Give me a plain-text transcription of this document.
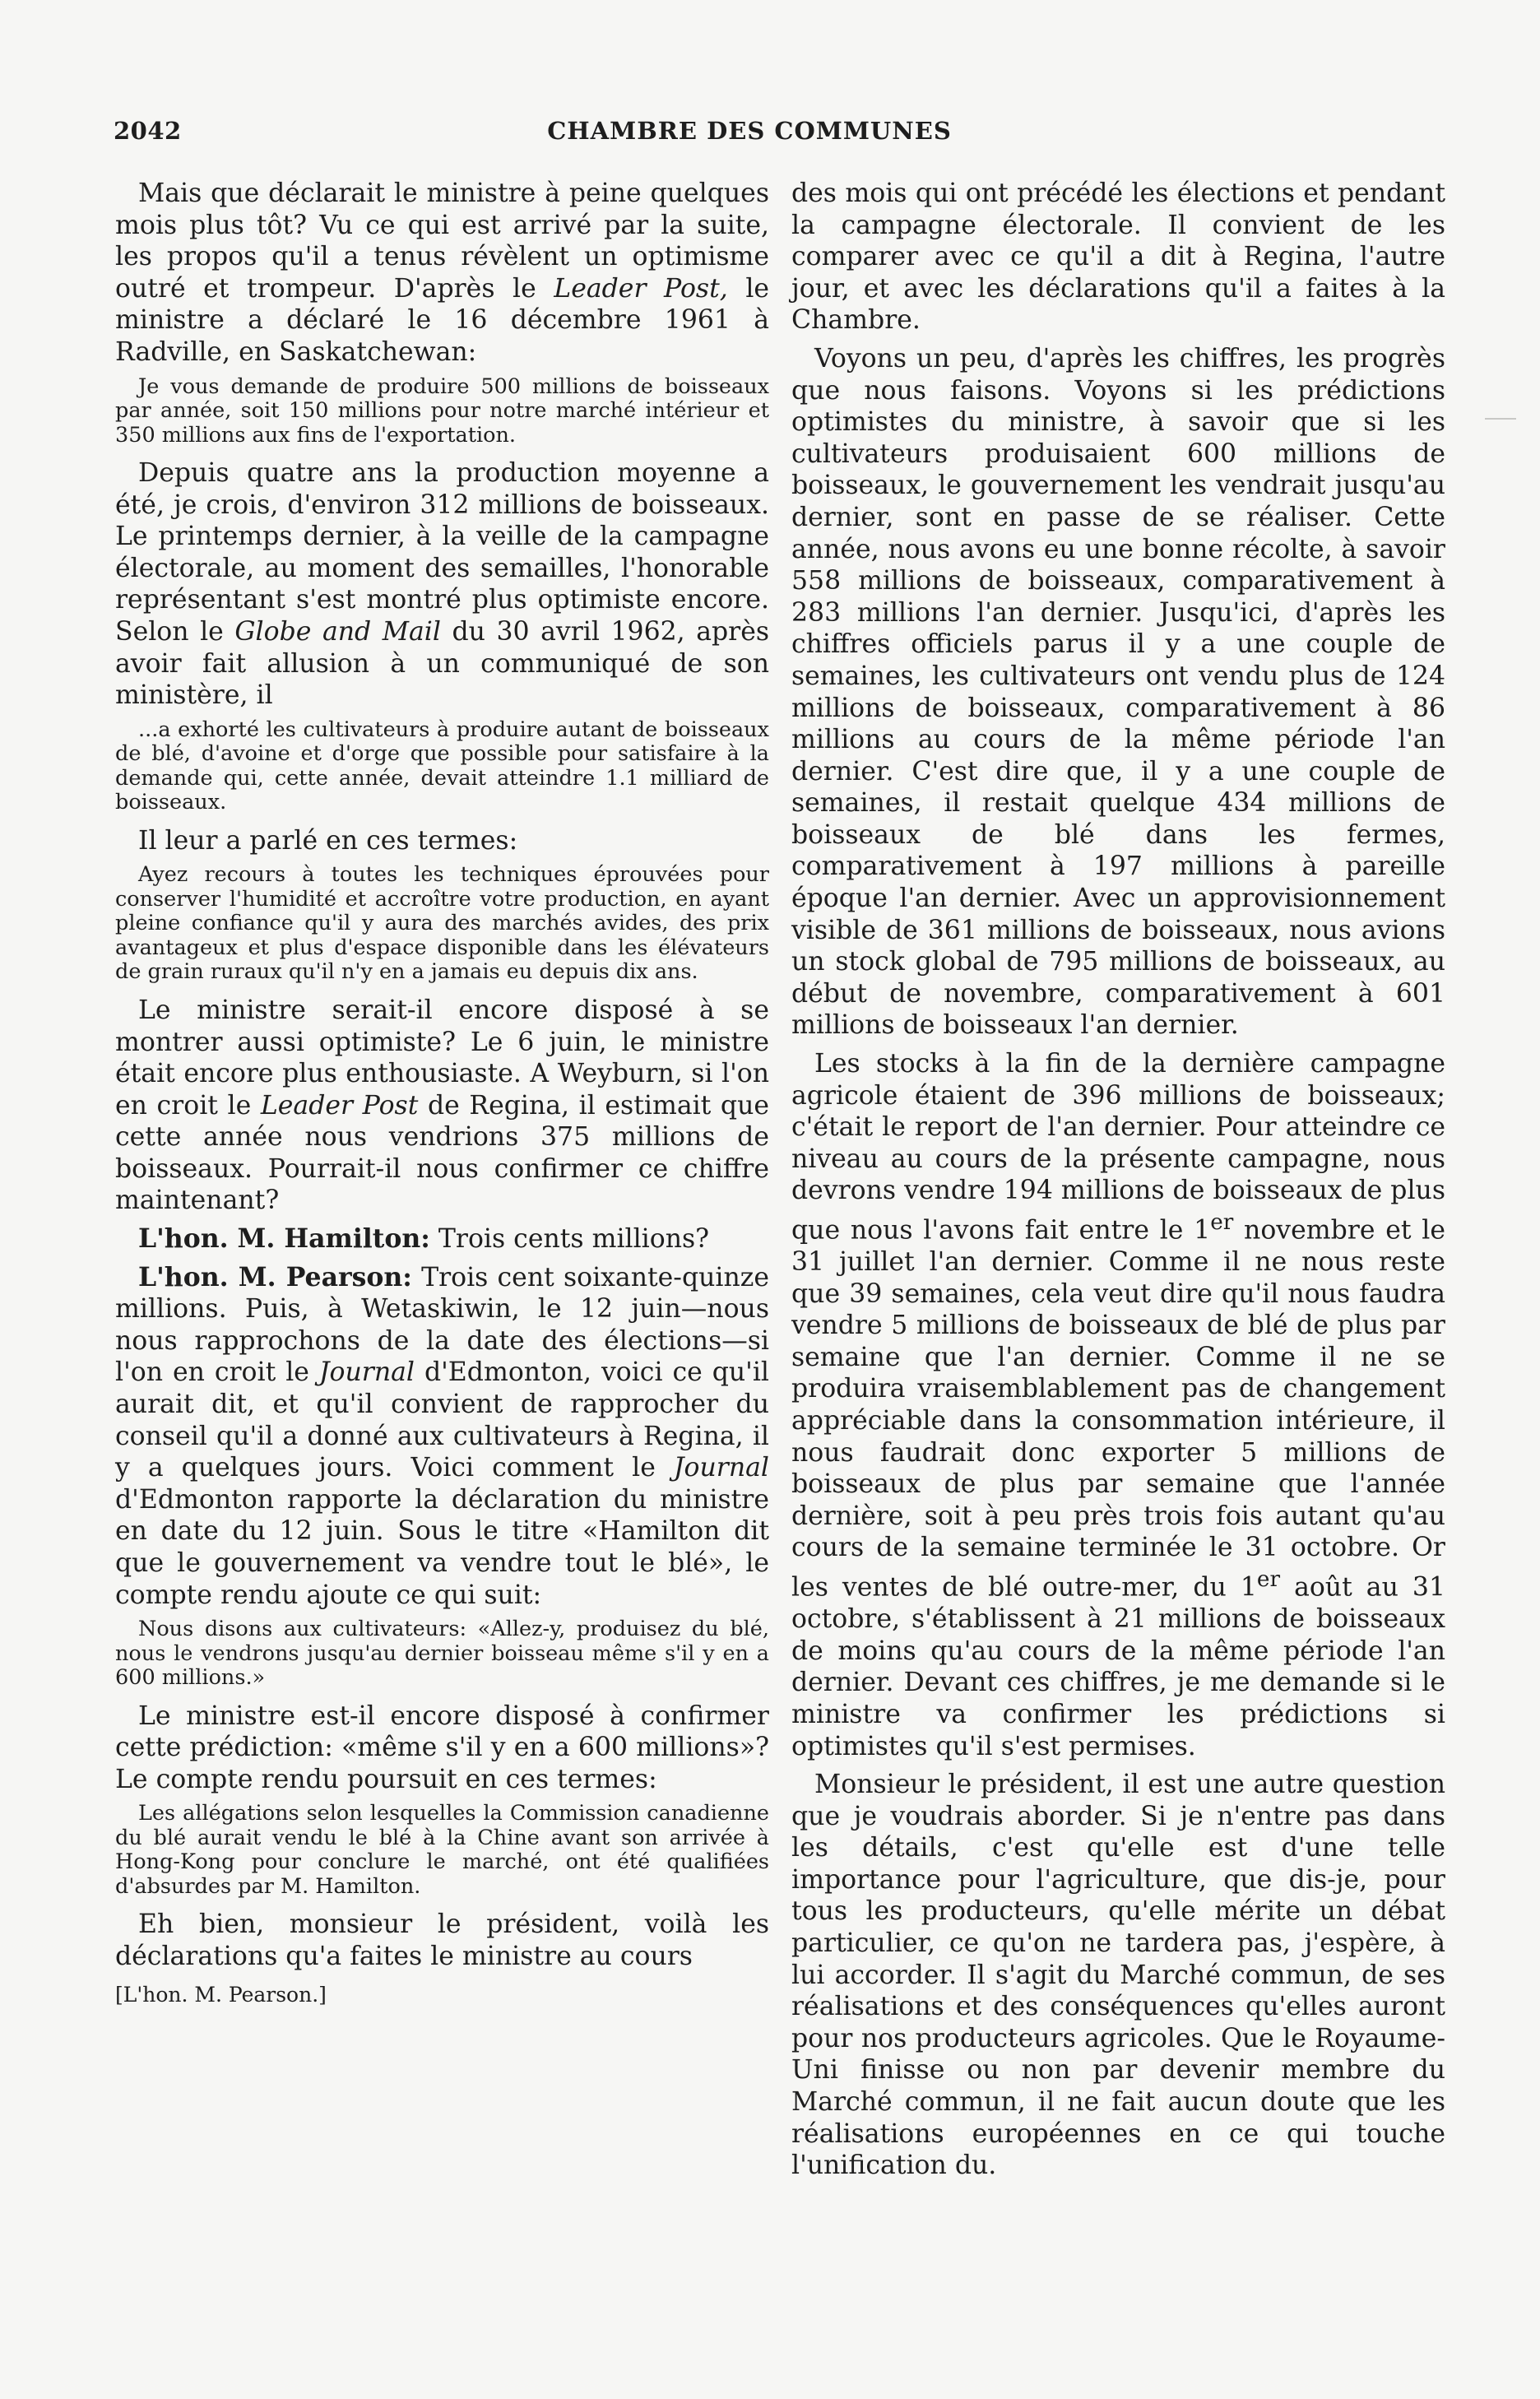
2042	CHAMBRE DES COMMUNES

Mais que déclarait le ministre à peine quelques mois plus tôt? Vu ce qui est arrivé par la suite, les propos qu'il a tenus révèlent un optimisme outré et trompeur. D'après le Leader Post, le ministre a déclaré le 16 décembre 1961 à Radville, en Saskatchewan:

Je vous demande de produire 500 millions de boisseaux par année, soit 150 millions pour notre marché intérieur et 350 millions aux fins de l'exportation.

Depuis quatre ans la production moyenne a été, je crois, d'environ 312 millions de boisseaux. Le printemps dernier, à la veille de la campagne électorale, au moment des semailles, l'honorable représentant s'est montré plus optimiste encore. Selon le Globe and Mail du 30 avril 1962, après avoir fait allusion à un communiqué de son ministère, il

...a exhorté les cultivateurs à produire autant de boisseaux de blé, d'avoine et d'orge que possible pour satisfaire à la demande qui, cette année, devait atteindre 1.1 milliard de boisseaux.

Il leur a parlé en ces termes:

Ayez recours à toutes les techniques éprouvées pour conserver l'humidité et accroître votre production, en ayant pleine confiance qu'il y aura des marchés avides, des prix avantageux et plus d'espace disponible dans les élévateurs de grain ruraux qu'il n'y en a jamais eu depuis dix ans.

Le ministre serait-il encore disposé à se montrer aussi optimiste? Le 6 juin, le ministre était encore plus enthousiaste. A Weyburn, si l'on en croit le Leader Post de Regina, il estimait que cette année nous vendrions 375 millions de boisseaux. Pourrait-il nous confirmer ce chiffre maintenant?

L'hon. M. Hamilton: Trois cents millions?

L'hon. M. Pearson: Trois cent soixante-quinze millions. Puis, à Wetaskiwin, le 12 juin—nous nous rapprochons de la date des élections—si l'on en croit le Journal d'Edmonton, voici ce qu'il aurait dit, et qu'il convient de rapprocher du conseil qu'il a donné aux cultivateurs à Regina, il y a quelques jours. Voici comment le Journal d'Edmonton rapporte la déclaration du ministre en date du 12 juin. Sous le titre «Hamilton dit que le gouvernement va vendre tout le blé», le compte rendu ajoute ce qui suit:

Nous disons aux cultivateurs: «Allez-y, produisez du blé, nous le vendrons jusqu'au dernier boisseau même s'il y en a 600 millions.»

Le ministre est-il encore disposé à confirmer cette prédiction: «même s'il y en a 600 millions»? Le compte rendu poursuit en ces termes:

Les allégations selon lesquelles la Commission canadienne du blé aurait vendu le blé à la Chine avant son arrivée à Hong-Kong pour conclure le marché, ont été qualifiées d'absurdes par M. Hamilton.

Eh bien, monsieur le président, voilà les déclarations qu'a faites le ministre au cours

[L'hon. M. Pearson.]

des mois qui ont précédé les élections et pendant la campagne électorale. Il convient de les comparer avec ce qu'il a dit à Regina, l'autre jour, et avec les déclarations qu'il a faites à la Chambre.

Voyons un peu, d'après les chiffres, les progrès que nous faisons. Voyons si les prédictions optimistes du ministre, à savoir que si les cultivateurs produisaient 600 millions de boisseaux, le gouvernement les vendrait jusqu'au dernier, sont en passe de se réaliser. Cette année, nous avons eu une bonne récolte, à savoir 558 millions de boisseaux, comparativement à 283 millions l'an dernier. Jusqu'ici, d'après les chiffres officiels parus il y a une couple de semaines, les cultivateurs ont vendu plus de 124 millions de boisseaux, comparativement à 86 millions au cours de la même période l'an dernier. C'est dire que, il y a une couple de semaines, il restait quelque 434 millions de boisseaux de blé dans les fermes, comparativement à 197 millions à pareille époque l'an dernier. Avec un approvisionnement visible de 361 millions de boisseaux, nous avions un stock global de 795 millions de boisseaux, au début de novembre, comparativement à 601 millions de boisseaux l'an dernier.

Les stocks à la fin de la dernière campagne agricole étaient de 396 millions de boisseaux; c'était le report de l'an dernier. Pour atteindre ce niveau au cours de la présente campagne, nous devrons vendre 194 millions de boisseaux de plus que nous l'avons fait entre le 1er novembre et le 31 juillet l'an dernier. Comme il ne nous reste que 39 semaines, cela veut dire qu'il nous faudra vendre 5 millions de boisseaux de blé de plus par semaine que l'an dernier. Comme il ne se produira vraisemblablement pas de changement appréciable dans la consommation intérieure, il nous faudrait donc exporter 5 millions de boisseaux de plus par semaine que l'année dernière, soit à peu près trois fois autant qu'au cours de la semaine terminée le 31 octobre. Or les ventes de blé outre-mer, du 1er août au 31 octobre, s'établissent à 21 millions de boisseaux de moins qu'au cours de la même période l'an dernier. Devant ces chiffres, je me demande si le ministre va confirmer les prédictions si optimistes qu'il s'est permises.

Monsieur le président, il est une autre question que je voudrais aborder. Si je n'entre pas dans les détails, c'est qu'elle est d'une telle importance pour l'agriculture, que dis-je, pour tous les producteurs, qu'elle mérite un débat particulier, ce qu'on ne tardera pas, j'espère, à lui accorder. Il s'agit du Marché commun, de ses réalisations et des conséquences qu'elles auront pour nos producteurs agricoles. Que le Royaume-Uni finisse ou non par devenir membre du Marché commun, il ne fait aucun doute que les réalisations européennes en ce qui touche l'unification du.
